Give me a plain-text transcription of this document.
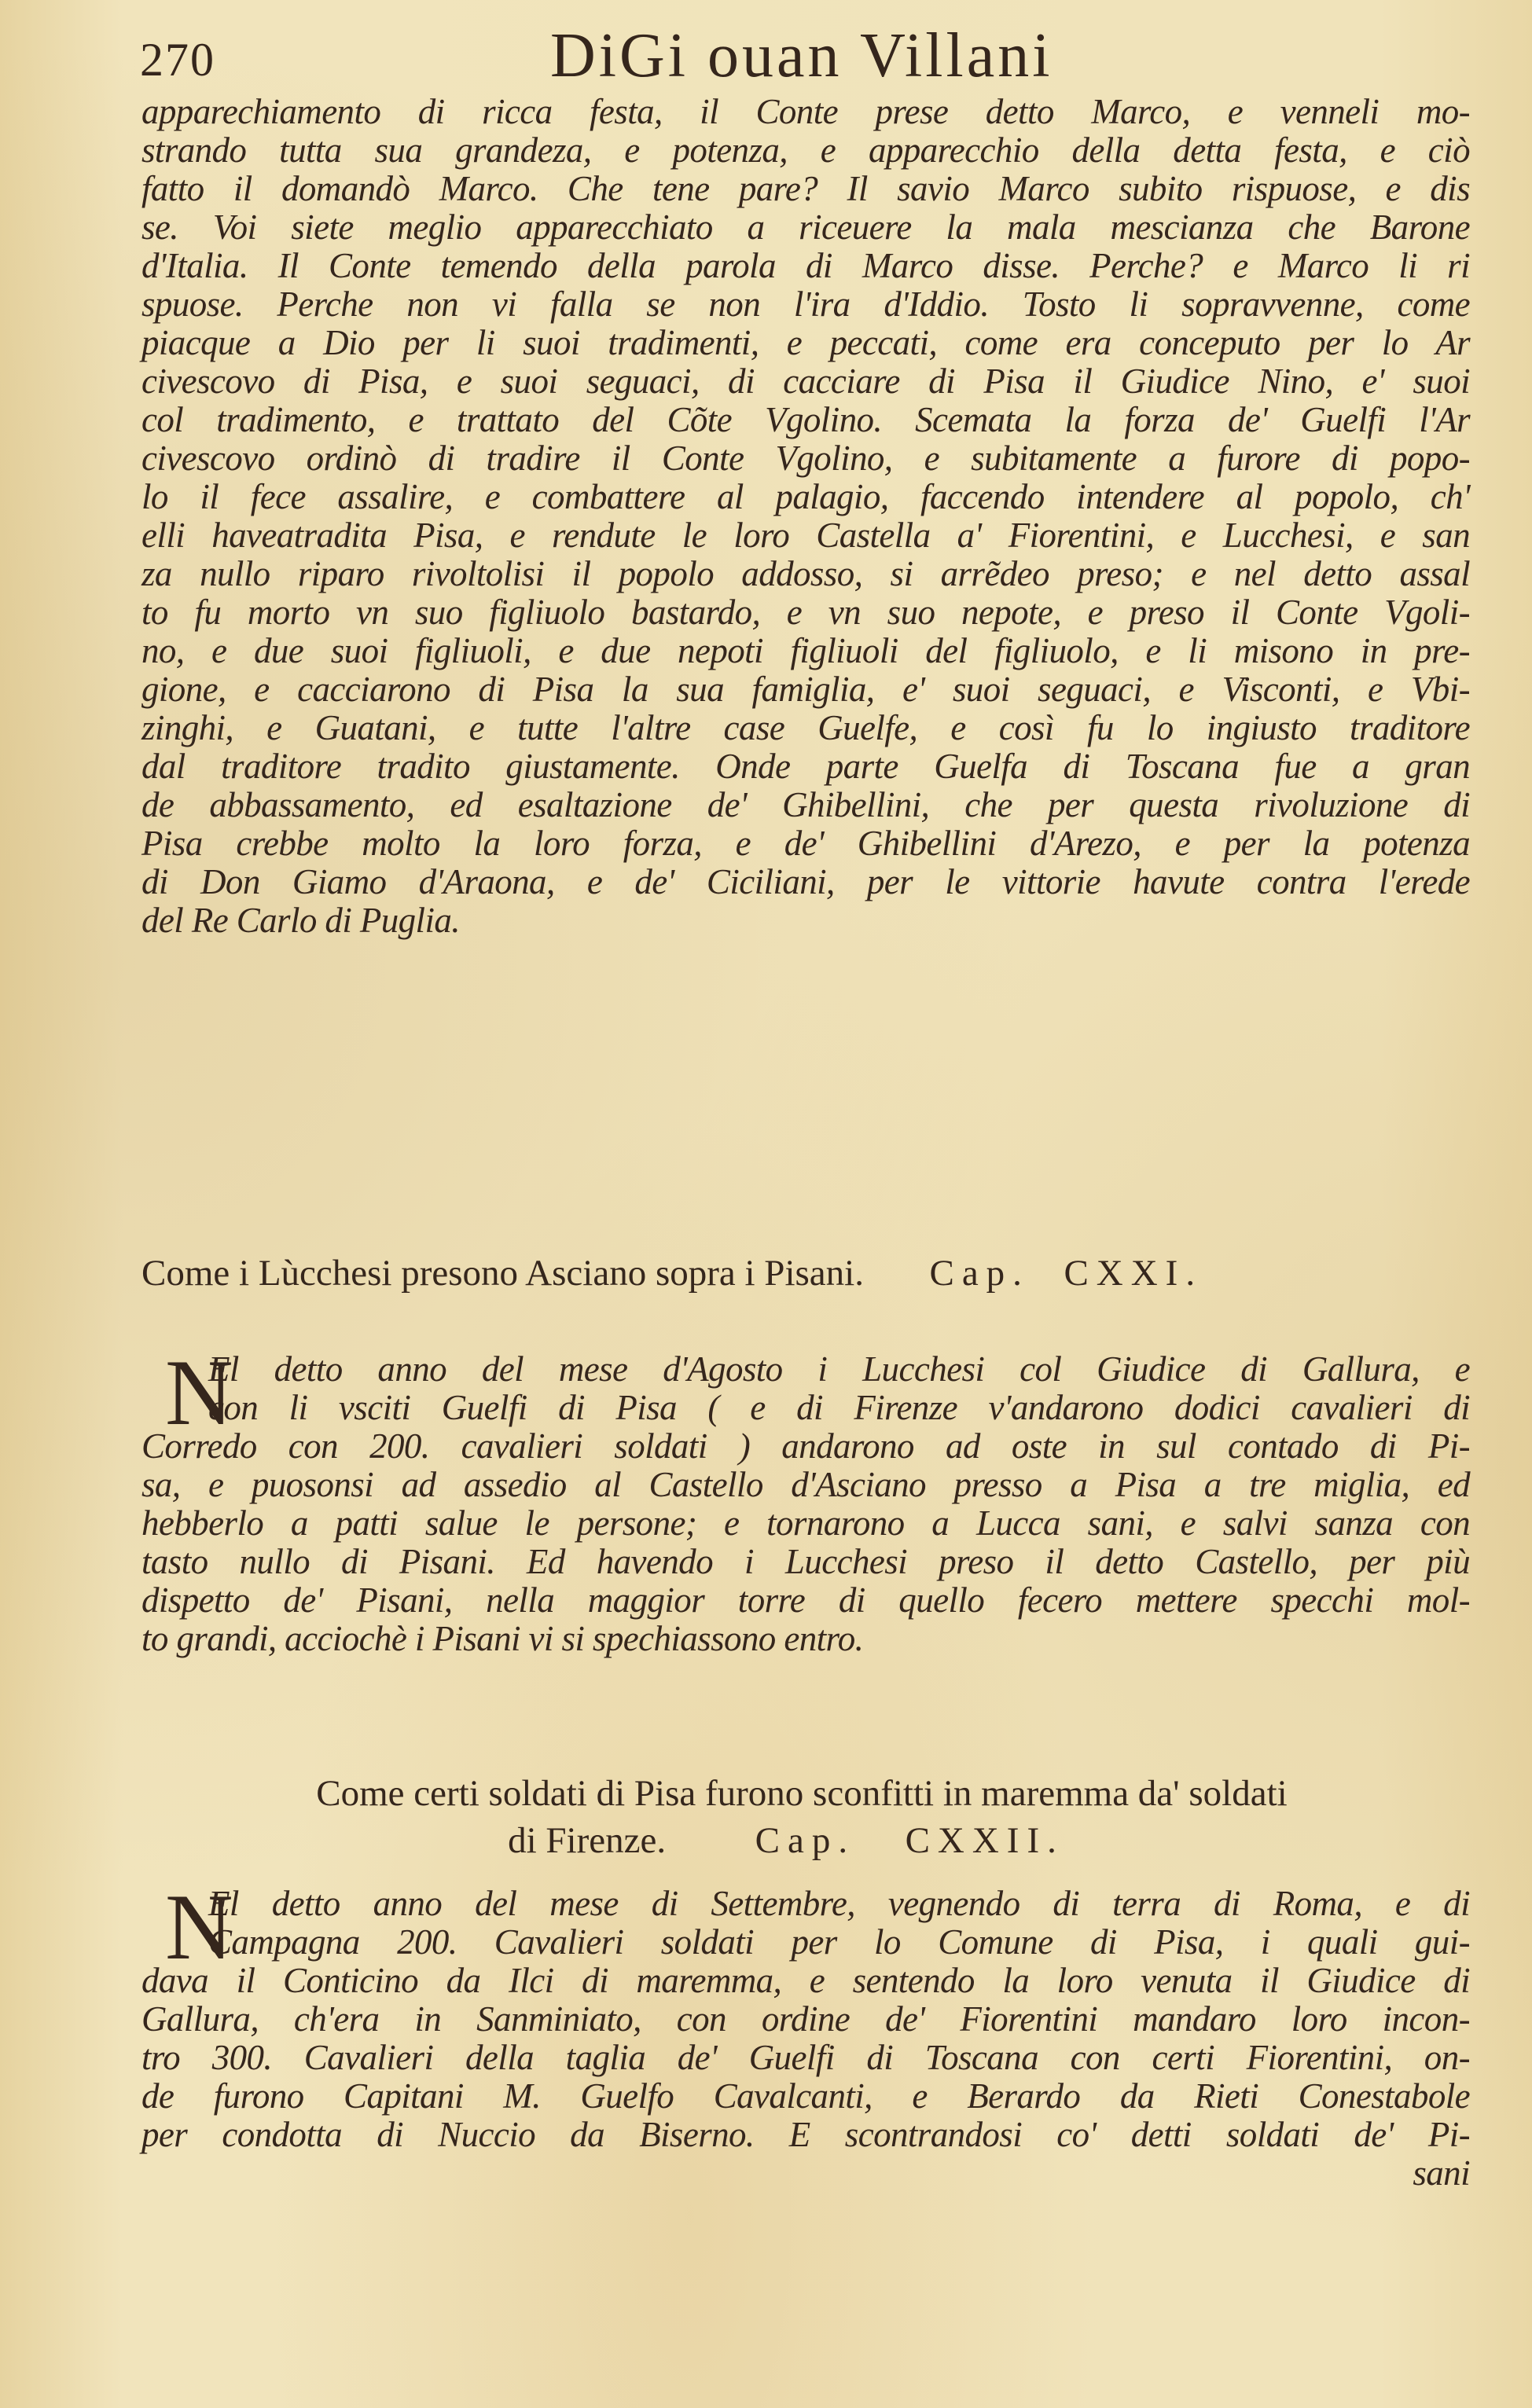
270	DiGi ouan Villani
apparechiamento di ricca festa, il Conte prese detto Marco, e venneli mo-
strando tutta sua grandeza, e potenza, e apparecchio della detta festa, e ciò
fatto il domandò Marco. Che tene pare? Il savio Marco subito rispuose, e dis
se. Voi siete meglio apparecchiato a riceuere la mala mescianza che Barone
d'Italia. Il Conte temendo della parola di Marco disse. Perche? e Marco li ri
spuose. Perche non vi falla se non l'ira d'Iddio. Tosto li sopravvenne, come
piacque a Dio per li suoi tradimenti, e peccati, come era conceputo per lo Ar
civescovo di Pisa, e suoi seguaci, di cacciare di Pisa il Giudice Nino, e' suoi
col tradimento, e trattato del Cõte Vgolino. Scemata la forza de' Guelfi l'Ar
civescovo ordinò di tradire il Conte Vgolino, e subitamente a furore di popo-
lo il fece assalire, e combattere al palagio, faccendo intendere al popolo, ch'
elli haveatradita Pisa, e rendute le loro Castella a' Fiorentini, e Lucchesi, e san
za nullo riparo rivoltolisi il popolo addosso, si arrẽdeo preso; e nel detto assal
to fu morto vn suo figliuolo bastardo, e vn suo nepote, e preso il Conte Vgoli-
no, e due suoi figliuoli, e due nepoti figliuoli del figliuolo, e li misono in pre-
gione, e cacciarono di Pisa la sua famiglia, e' suoi seguaci, e Visconti, e Vbi-
zinghi, e Guatani, e tutte l'altre case Guelfe, e così fu lo ingiusto traditore
dal traditore tradito giustamente. Onde parte Guelfa di Toscana fue a gran
de abbassamento, ed esaltazione de' Ghibellini, che per questa rivoluzione di
Pisa crebbe molto la loro forza, e de' Ghibellini d'Arezo, e per la potenza
di Don Giamo d'Araona, e de' Ciciliani, per le vittorie havute contra l'erede
del Re Carlo di Puglia.
Come i Lùcchesi presono Asciano sopra i Pisani. Cap. CXXI.
N
El detto anno del mese d'Agosto i Lucchesi col Giudice di Gallura, e
con li vsciti Guelfi di Pisa ( e di Firenze v'andarono dodici cavalieri di
Corredo con 200. cavalieri soldati ) andarono ad oste in sul contado di Pi-
sa, e puosonsi ad assedio al Castello d'Asciano presso a Pisa a tre miglia, ed
hebberlo a patti salue le persone; e tornarono a Lucca sani, e salvi sanza con
tasto nullo di Pisani. Ed havendo i Lucchesi preso il detto Castello, per più
dispetto de' Pisani, nella maggior torre di quello fecero mettere specchi mol-
to grandi, acciochè i Pisani vi si spechiassono entro.
Come certi soldati di Pisa furono sconfitti in maremma da' soldati
di Firenze. Cap. CXXII.
N
El detto anno del mese di Settembre, vegnendo di terra di Roma, e di
Campagna 200. Cavalieri soldati per lo Comune di Pisa, i quali gui-
dava il Conticino da Ilci di maremma, e sentendo la loro venuta il Giudice di
Gallura, ch'era in Sanminiato, con ordine de' Fiorentini mandaro loro incon-
tro 300. Cavalieri della taglia de' Guelfi di Toscana con certi Fiorentini, on-
de furono Capitani M. Guelfo Cavalcanti, e Berardo da Rieti Conestabole
per condotta di Nuccio da Biserno. E scontrandosi co' detti soldati de' Pi-
sani
